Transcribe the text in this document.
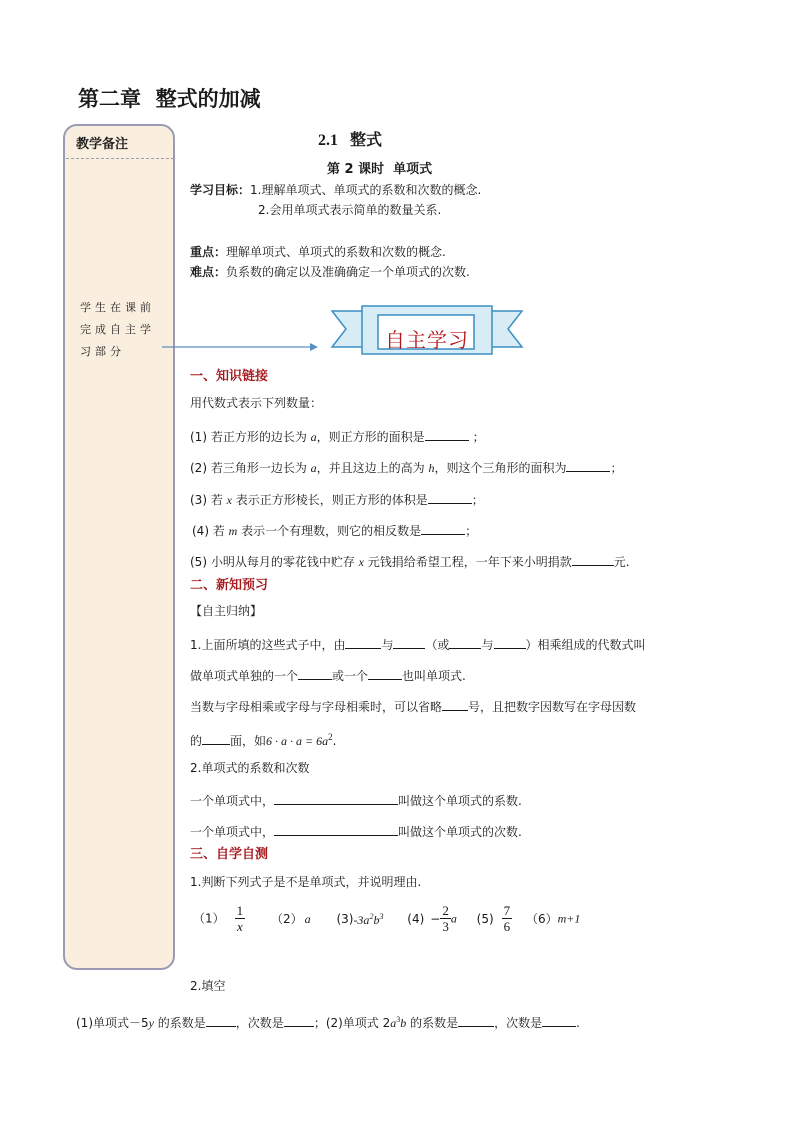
第二章  整式的加减
教学备注
学生在课前
完成自主学
习部分
2.1   整式
第 2 课时  单项式
学习目标：1.理解单项式、单项式的系数和次数的概念.
2.会用单项式表示简单的数量关系.
重点：理解单项式、单项式的系数和次数的概念.
难点：负系数的确定以及准确确定一个单项式的次数.
自主学习
一、知识链接
用代数式表示下列数量：
(1) 若正方形的边长为 a，则正方形的面积是	；
(2) 若三角形一边长为 a，并且这边上的高为 h，则这个三角形的面积为	；
(3) 若 x 表示正方形棱长，则正方形的体积是	；
(4) 若 m 表示一个有理数，则它的相反数是	；
(5) 小明从每月的零花钱中贮存 x 元钱捐给希望工程，一年下来小明捐款	元.
二、新知预习
【自主归纳】
1.上面所填的这些式子中，由	与	（或	与	）相乘组成的代数式叫
做单项式单独的一个	或一个	也叫单项式.
当数与字母相乘或字母与字母相乘时，可以省略 号，且把数字因数写在字母因数
的 面，如$6 \cdot a \cdot a = 6a^2$.
2.单项式的系数和次数
一个单项式中，	叫做这个单项式的系数.
一个单项式中，	叫做这个单项式的次数.
三、自学自测
1.判断下列式子是不是单项式，并说明理由.
$(1) \frac{1}{x} (2)$ a $(3)-3a^2b^3$ $(4) - \frac{2}{3}$ a $(5) \frac{7}{6} (6)m+1$
2.填空
(1)单项式－5y 的系数是	，次数是	；(2)单项式 $2a^3b$ 的系数是	，次数是	.
